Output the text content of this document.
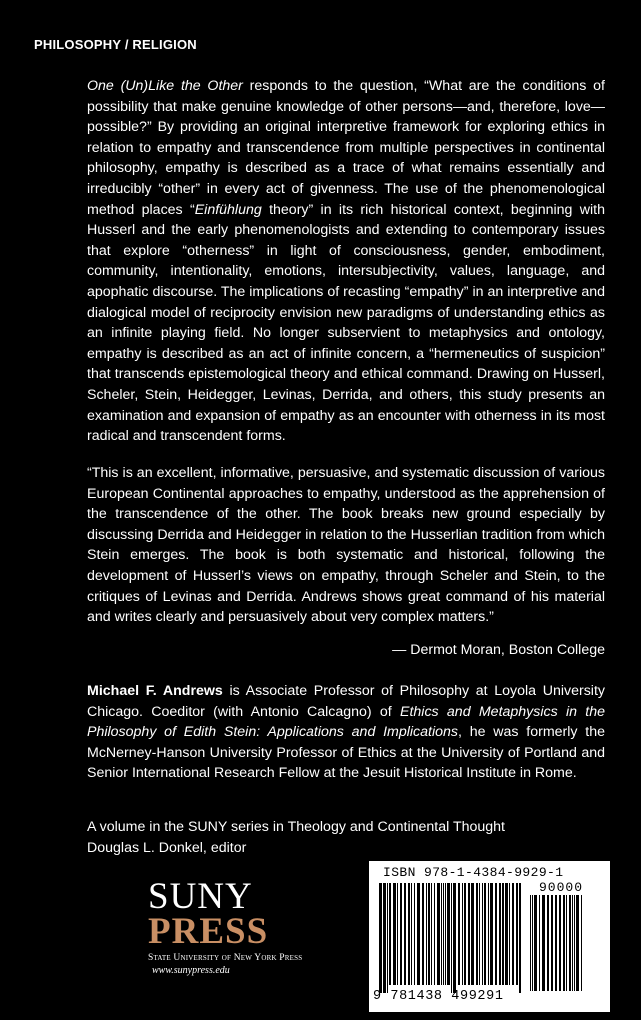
PHILOSOPHY / RELIGION
One (Un)Like the Other responds to the question, “What are the conditions of possibility that make genuine knowledge of other persons—and, therefore, love—possible?” By providing an original interpretive framework for exploring ethics in relation to empathy and transcendence from multiple perspectives in continental philosophy, empathy is described as a trace of what remains essentially and irreducibly “other” in every act of givenness. The use of the phenomenological method places “Einfühlung theory” in its rich historical context, beginning with Husserl and the early phenomenologists and extending to contemporary issues that explore “otherness” in light of consciousness, gender, embodiment, community, intentionality, emotions, intersubjectivity, values, language, and apophatic discourse. The implications of recasting “empathy” in an interpretive and dialogical model of reciprocity envision new paradigms of understanding ethics as an infinite playing field. No longer subservient to metaphysics and ontology, empathy is described as an act of infinite concern, a “hermeneutics of suspicion” that transcends epistemological theory and ethical command. Drawing on Husserl, Scheler, Stein, Heidegger, Levinas, Derrida, and others, this study presents an examination and expansion of empathy as an encounter with otherness in its most radical and transcendent forms.
“This is an excellent, informative, persuasive, and systematic discussion of various European Continental approaches to empathy, understood as the apprehension of the transcendence of the other. The book breaks new ground especially by discussing Derrida and Heidegger in relation to the Husserlian tradition from which Stein emerges. The book is both systematic and historical, following the development of Husserl’s views on empathy, through Scheler and Stein, to the critiques of Levinas and Derrida. Andrews shows great command of his material and writes clearly and persuasively about very complex matters.”
— Dermot Moran, Boston College
Michael F. Andrews is Associate Professor of Philosophy at Loyola University Chicago. Coeditor (with Antonio Calcagno) of Ethics and Metaphysics in the Philosophy of Edith Stein: Applications and Implications, he was formerly the McNerney-Hanson University Professor of Ethics at the University of Portland and Senior International Research Fellow at the Jesuit Historical Institute in Rome.
A volume in the SUNY series in Theology and Continental Thought
Douglas L. Donkel, editor
SUNY
PRESS
State University of New York Press
www.sunypress.edu
ISBN 978-1-4384-9929-1
90000
9 781438 499291
